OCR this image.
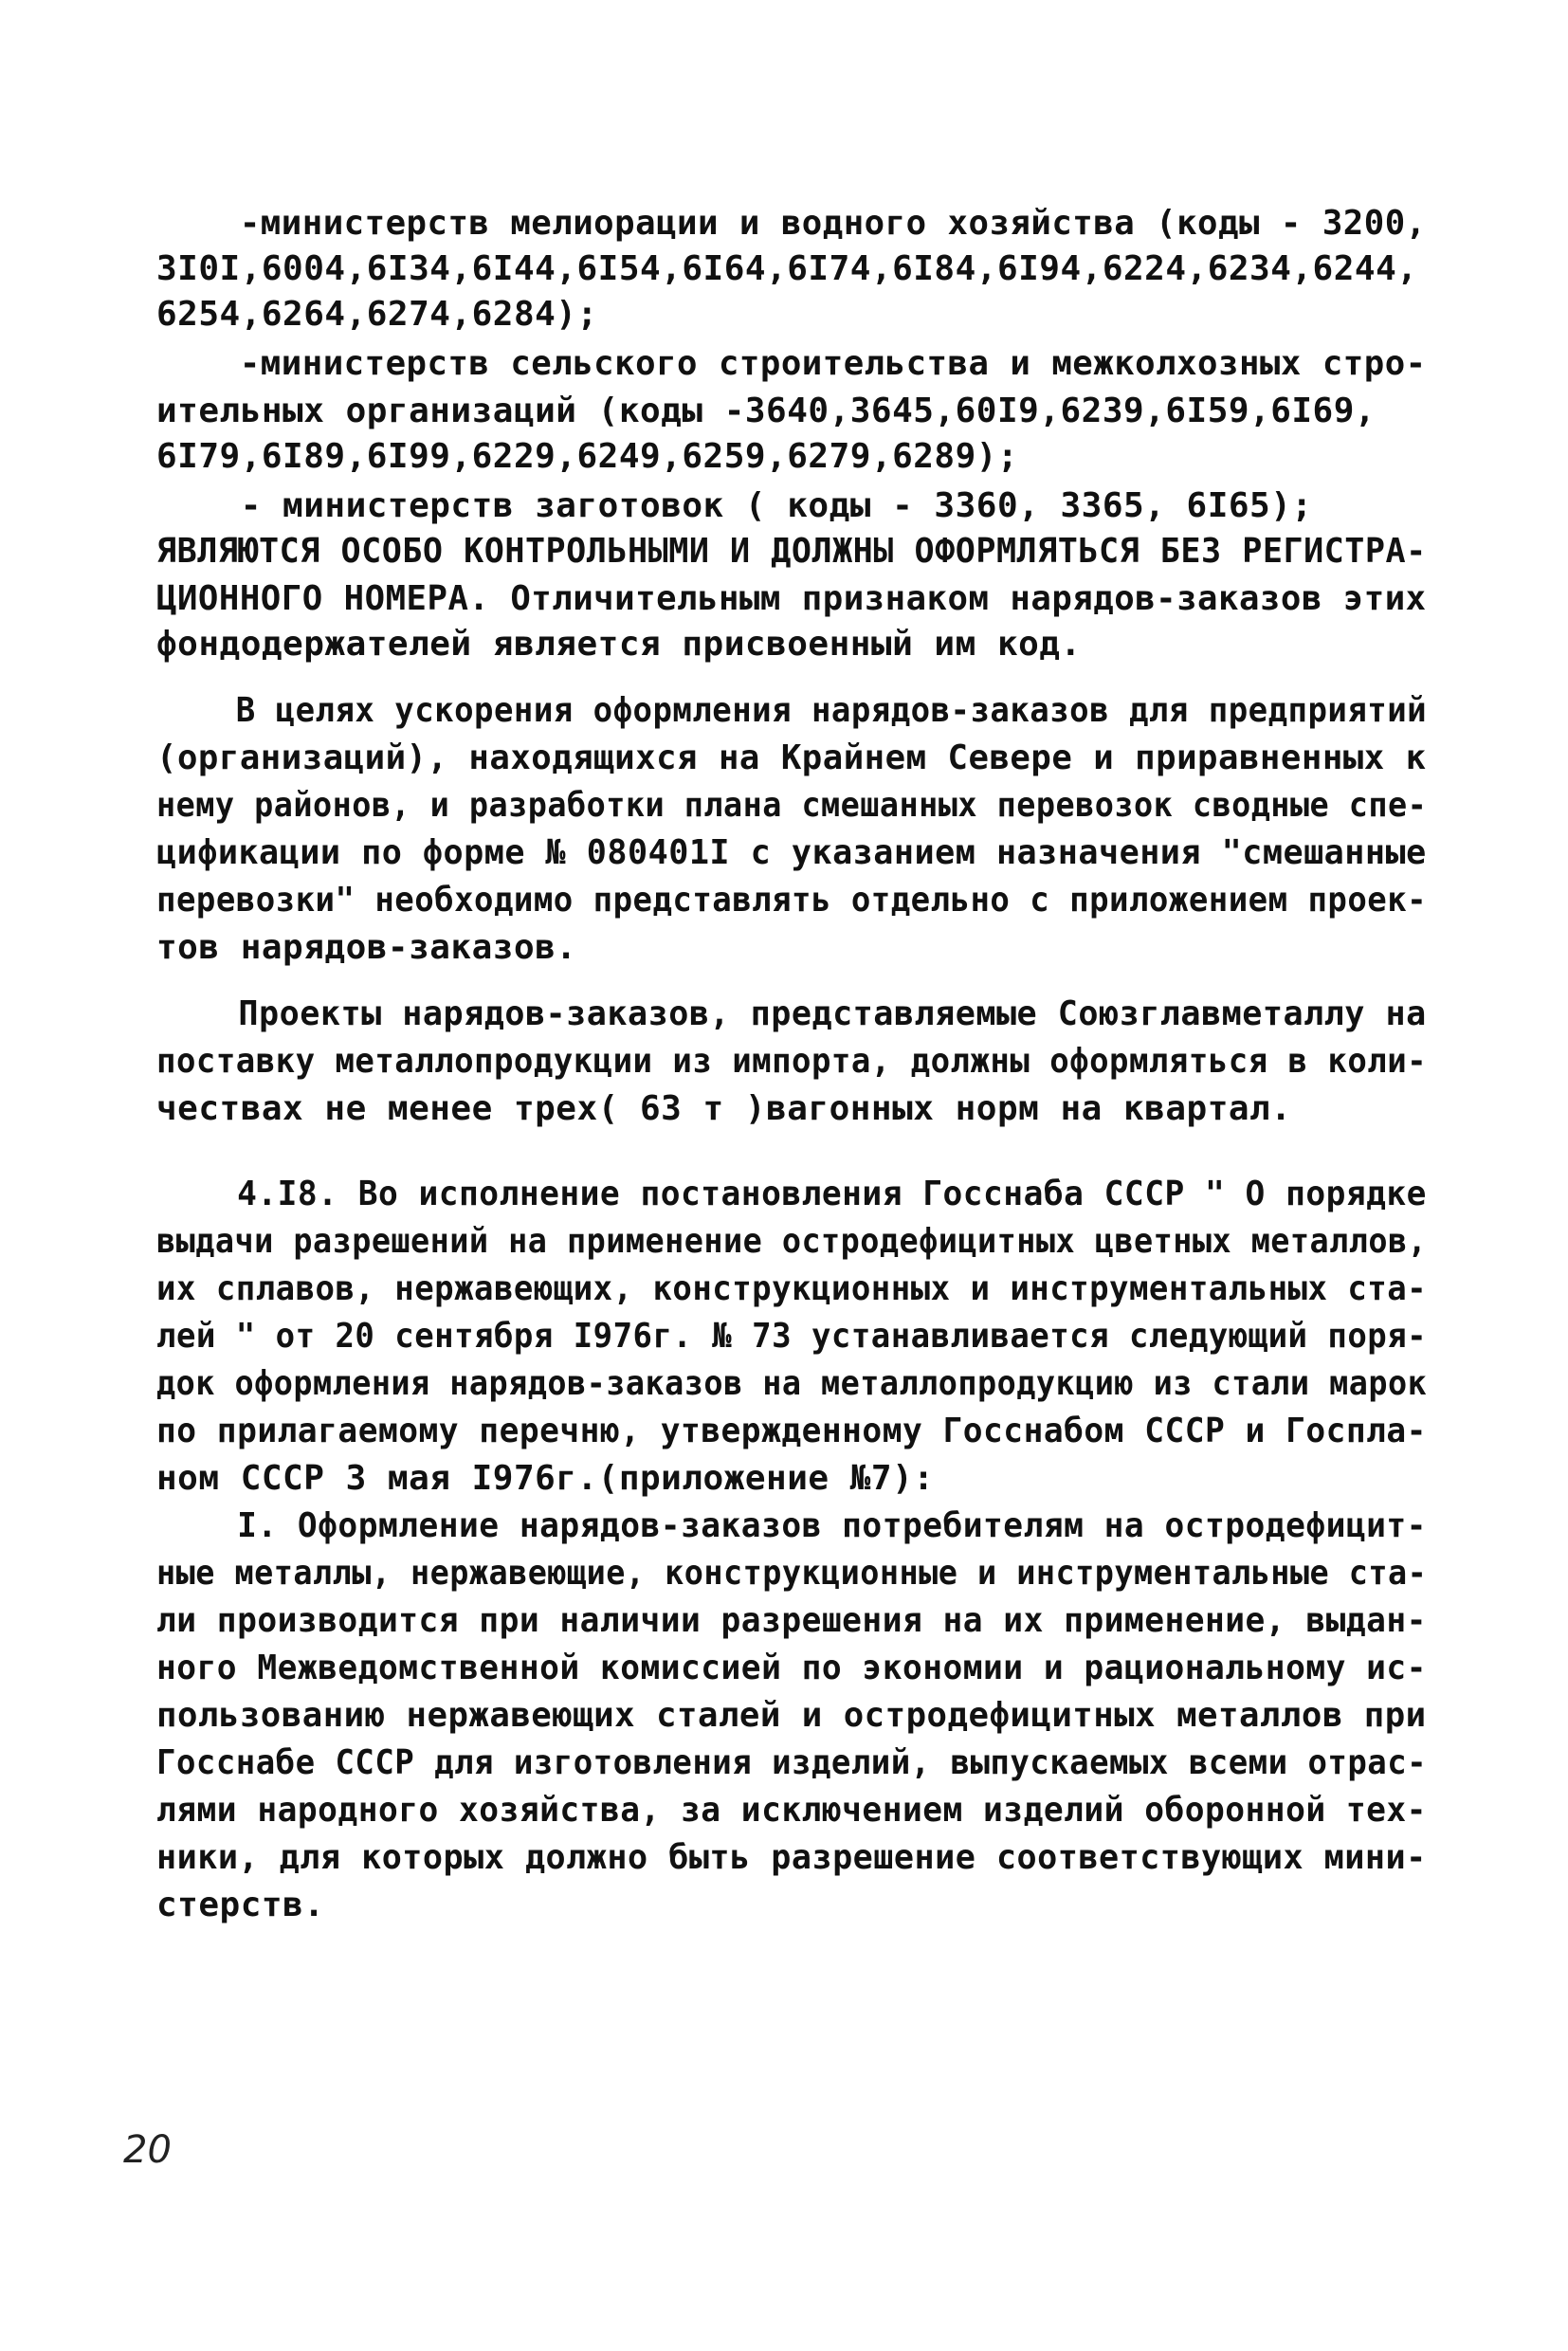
-министерств мелиорации и водного хозяйства (коды - 3200,
3I0I,6004,6I34,6I44,6I54,6I64,6I74,6I84,6I94,6224,6234,6244,
6254,6264,6274,6284);
-министерств сельского строительства и межколхозных стро-
ительных организаций (коды -3640,3645,60I9,6239,6I59,6I69,
6I79,6I89,6I99,6229,6249,6259,6279,6289);
- министерств заготовок ( коды - 3360, 3365, 6I65);
ЯВЛЯЮТСЯ ОСОБО КОНТРОЛЬНЫМИ И ДОЛЖНЫ ОФОРМЛЯТЬСЯ БЕЗ РЕГИСТРА-
ЦИОННОГО НОМЕРА. Отличительным признаком нарядов-заказов этих
фондодержателей является присвоенный им код.
В целях ускорения оформления нарядов-заказов для предприятий
(организаций), находящихся на Крайнем Севере и приравненных к
нему районов, и разработки плана смешанных перевозок сводные спе-
цификации по форме № 080401I с указанием назначения "смешанные
перевозки" необходимо представлять отдельно с приложением проек-
тов нарядов-заказов.
Проекты нарядов-заказов, представляемые Союзглавметаллу на
поставку металлопродукции из импорта, должны оформляться в коли-
чествах не менее трех( 63 т )вагонных норм на квартал.
4.I8. Во исполнение постановления Госснаба СССР " О порядке
выдачи разрешений на применение остродефицитных цветных металлов,
их сплавов, нержавеющих, конструкционных и инструментальных ста-
лей " от 20 сентября I976г. № 73 устанавливается следующий поря-
док оформления нарядов-заказов на металлопродукцию из стали марок
по прилагаемому перечню, утвержденному Госснабом СССР и Госпла-
ном СССР 3 мая I976г.(приложение №7):
I. Оформление нарядов-заказов потребителям на остродефицит-
ные металлы, нержавеющие, конструкционные и инструментальные ста-
ли производится при наличии разрешения на их применение, выдан-
ного Межведомственной комиссией по экономии и рациональному ис-
пользованию нержавеющих сталей и остродефицитных металлов при
Госснабе СССР для изготовления изделий, выпускаемых всеми отрас-
лями народного хозяйства, за исключением изделий оборонной тех-
ники, для которых должно быть разрешение соответствующих мини-
стерств.
20
